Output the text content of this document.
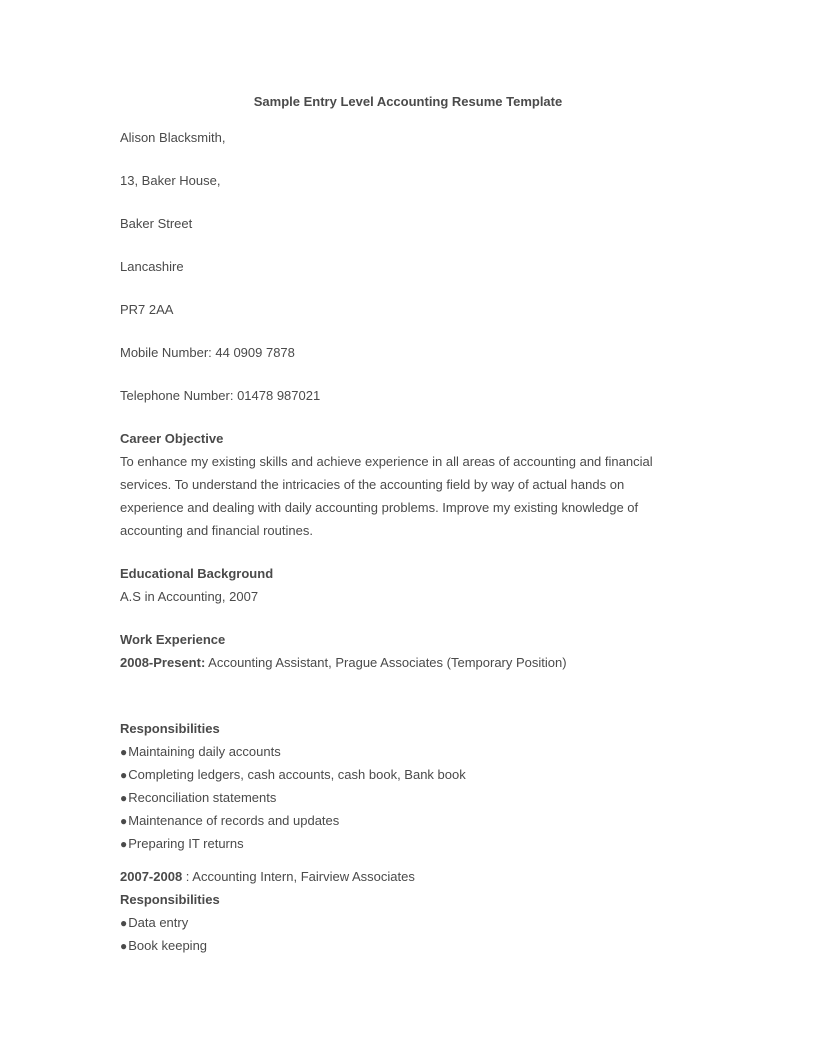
Sample Entry Level Accounting Resume Template
Alison Blacksmith,
13, Baker House,
Baker Street
Lancashire
PR7 2AA
Mobile Number: 44 0909 7878
Telephone Number: 01478 987021
Career Objective
To enhance my existing skills and achieve experience in all areas of accounting and financial
services. To understand the intricacies of the accounting field by way of actual hands on
experience and dealing with daily accounting problems. Improve my existing knowledge of
accounting and financial routines.
Educational Background
A.S in Accounting, 2007
Work Experience
2008-Present: Accounting Assistant, Prague Associates (Temporary Position)
Responsibilities
●Maintaining daily accounts
●Completing ledgers, cash accounts, cash book, Bank book
●Reconciliation statements
●Maintenance of records and updates
●Preparing IT returns
2007-2008 : Accounting Intern, Fairview Associates
Responsibilities
●Data entry
●Book keeping
